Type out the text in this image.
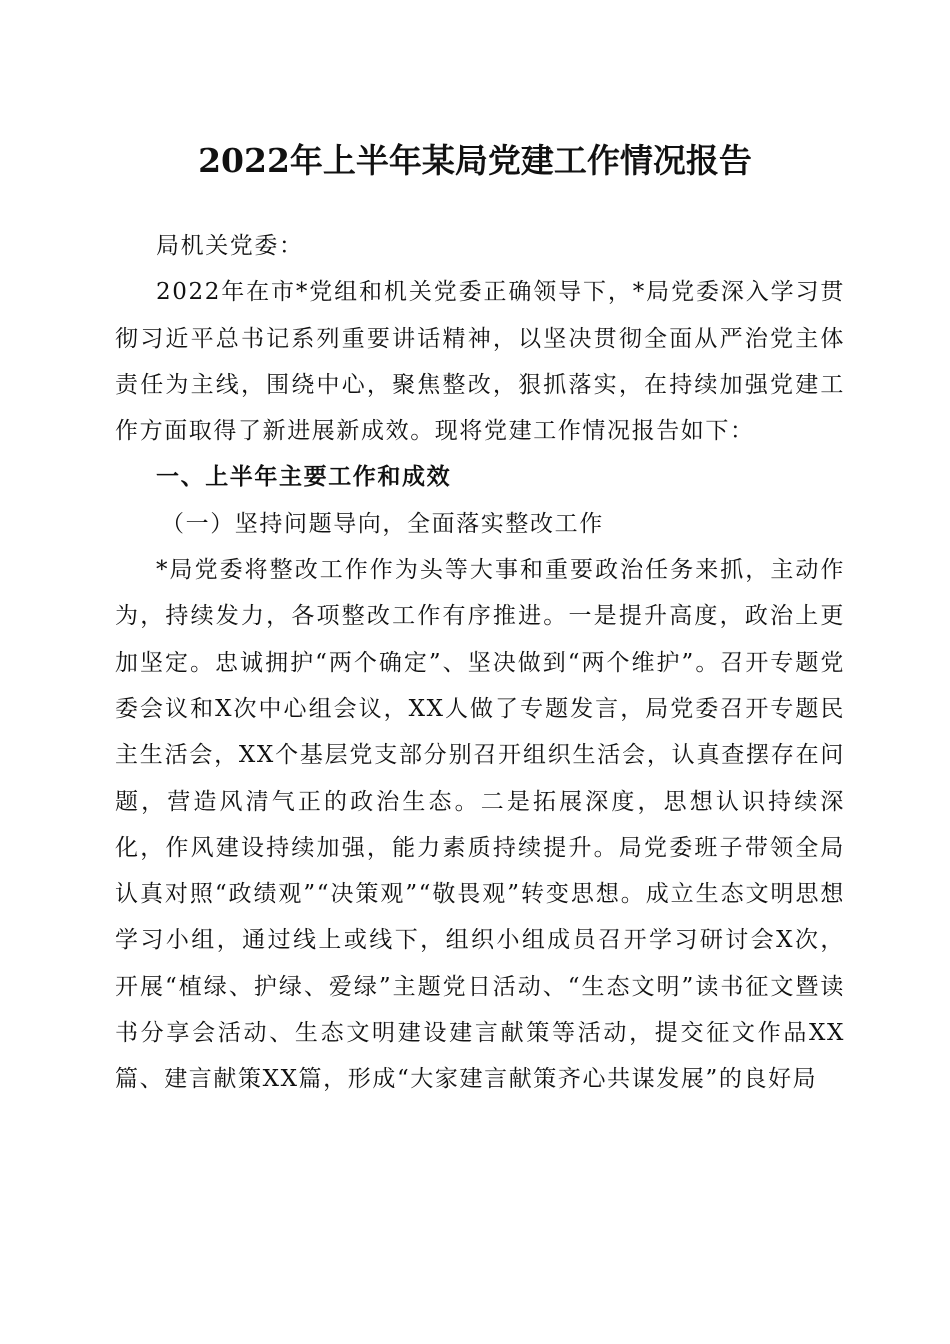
2022年上半年某局党建工作情况报告

局机关党委：

2022年在市*党组和机关党委正确领导下，*局党委深入学习贯彻习近平总书记系列重要讲话精神，以坚决贯彻全面从严治党主体责任为主线，围绕中心，聚焦整改，狠抓落实，在持续加强党建工作方面取得了新进展新成效。现将党建工作情况报告如下：

一、上半年主要工作和成效

（一）坚持问题导向，全面落实整改工作

*局党委将整改工作作为头等大事和重要政治任务来抓，主动作为，持续发力，各项整改工作有序推进。一是提升高度，政治上更加坚定。忠诚拥护“两个确定”、坚决做到“两个维护”。召开专题党委会议和X次中心组会议，XX人做了专题发言，局党委召开专题民主生活会，XX个基层党支部分别召开组织生活会，认真查摆存在问题，营造风清气正的政治生态。二是拓展深度，思想认识持续深化，作风建设持续加强，能力素质持续提升。局党委班子带领全局认真对照“政绩观”“决策观”“敬畏观”转变思想。成立生态文明思想学习小组，通过线上或线下，组织小组成员召开学习研讨会X次，开展“植绿、护绿、爱绿”主题党日活动、“生态文明”读书征文暨读书分享会活动、生态文明建设建言献策等活动，提交征文作品XX篇、建言献策XX篇，形成“大家建言献策齐心共谋发展”的良好局
